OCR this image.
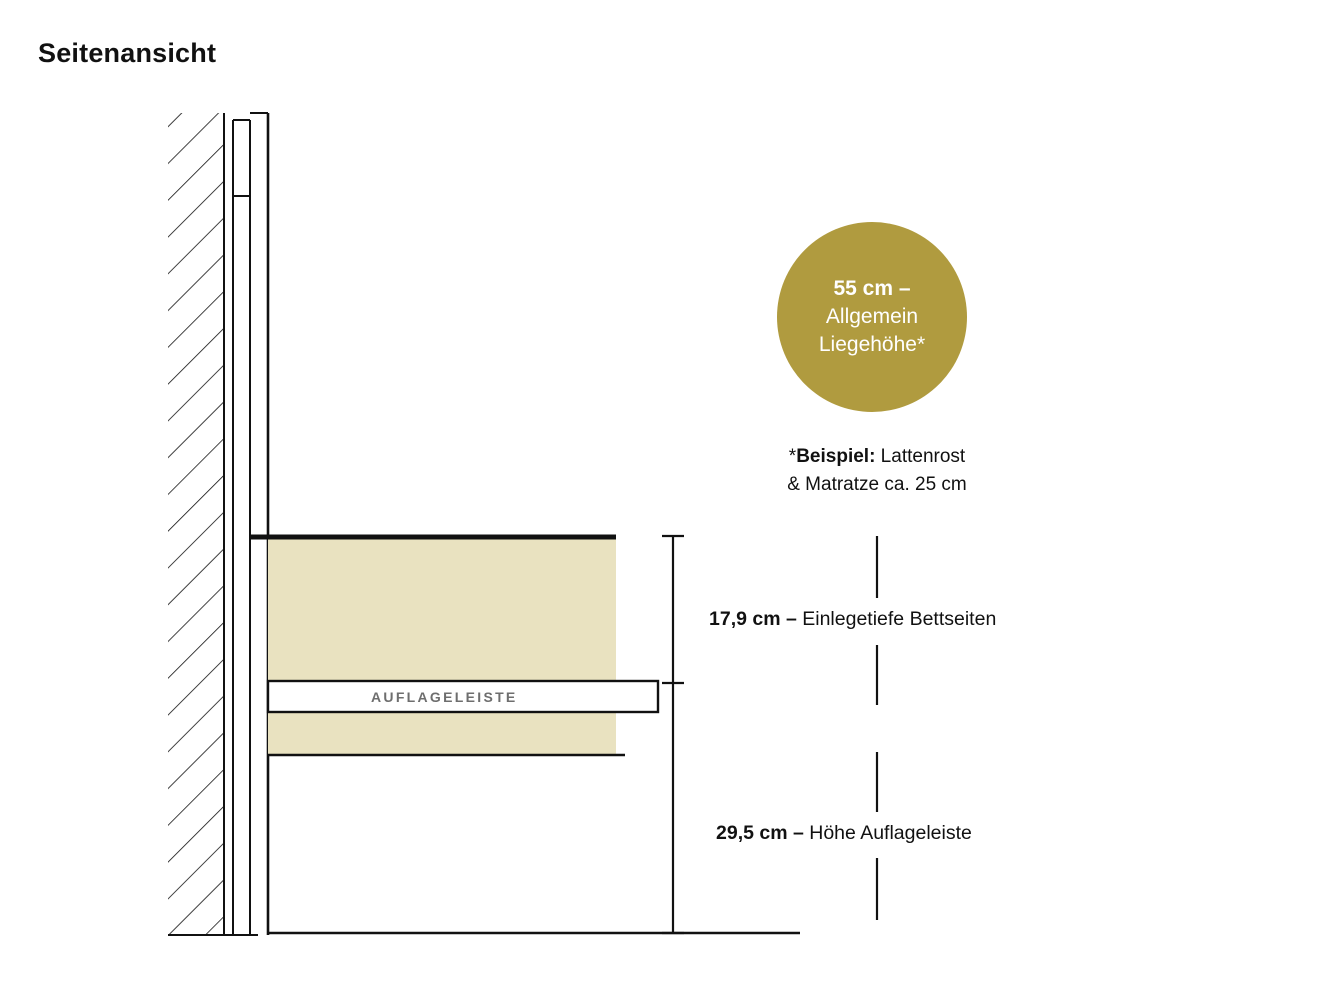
Seitenansicht
AUFLAGELEISTE
55 cm –
Allgemein
Liegehöhe*
*Beispiel: Lattenrost
& Matratze ca. 25 cm
17,9 cm – Einlegetiefe Bettseiten
29,5 cm – Höhe Auflageleiste
